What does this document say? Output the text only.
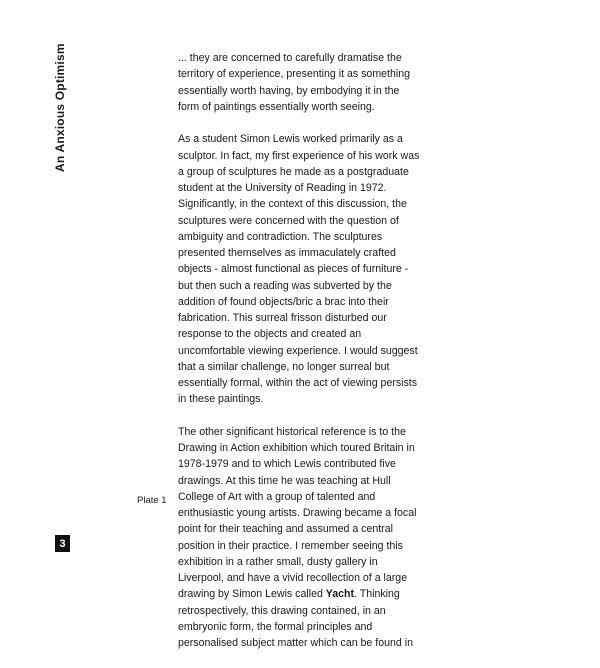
An Anxious Optimism
3
Plate 1

... they are concerned to carefully dramatise the
territory of experience, presenting it as something
essentially worth having, by embodying it in the
form of paintings essentially worth seeing.

As a student Simon Lewis worked primarily as a
sculptor. In fact, my first experience of his work was
a group of sculptures he made as a postgraduate
student at the University of Reading in 1972.
Significantly, in the context of this discussion, the
sculptures were concerned with the question of
ambiguity and contradiction. The sculptures
presented themselves as immaculately crafted
objects - almost functional as pieces of furniture -
but then such a reading was subverted by the
addition of found objects/bric a brac into their
fabrication. This surreal frisson disturbed our
response to the objects and created an
uncomfortable viewing experience. I would suggest
that a similar challenge, no longer surreal but
essentially formal, within the act of viewing persists
in these paintings.

The other significant historical reference is to the
Drawing in Action exhibition which toured Britain in
1978-1979 and to which Lewis contributed five
drawings. At this time he was teaching at Hull
College of Art with a group of talented and
enthusiastic young artists. Drawing became a focal
point for their teaching and assumed a central
position in their practice. I remember seeing this
exhibition in a rather small, dusty gallery in
Liverpool, and have a vivid recollection of a large
drawing by Simon Lewis called Yacht. Thinking
retrospectively, this drawing contained, in an
embryonic form, the formal principles and
personalised subject matter which can be found in
